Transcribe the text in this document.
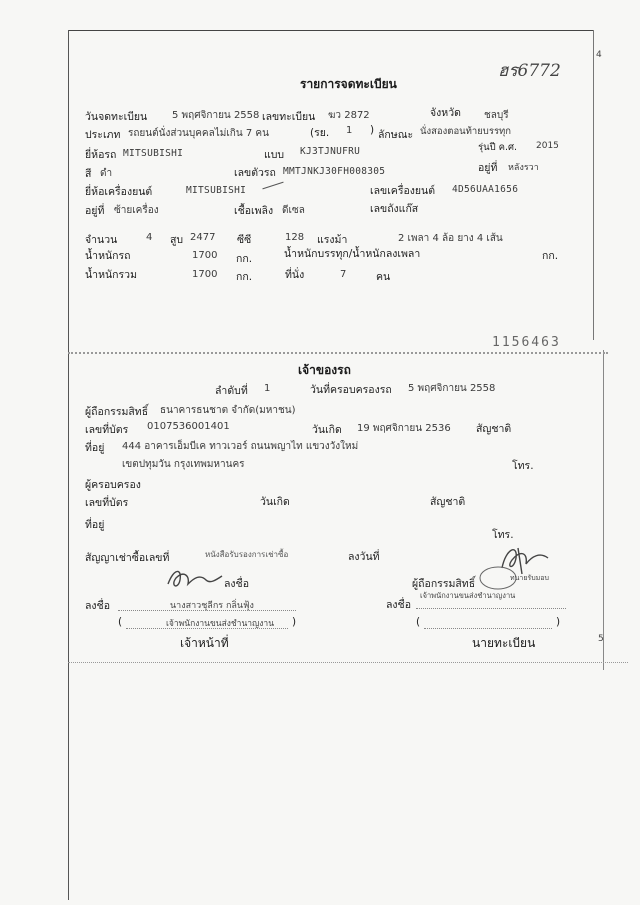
ฮร6772
4
รายการจดทะเบียน
วันจดทะเบียน 5 พฤศจิกายน 2558 เลขทะเบียน ฆว 2872	จังหวัด ชลบุรี
ประเภท รถยนต์นั่งส่วนบุคคลไม่เกิน 7 คน	(รย. 1 ) ลักษณะ นั่งสองตอนท้ายบรรทุก
ยี่ห้อรถ MITSUBISHI	แบบ KJ3TJNUFRU	รุ่นปี ค.ศ. 2015
สี ดำ	เลขตัวรถ MMTJNKJ30FH008305	อยู่ที่ หลังรวา
ยี่ห้อเครื่องยนต์	MITSUBISHI	เลขเครื่องยนต์ 4D56UAA1656
อยู่ที่ ซ้ายเครื่อง	เชื้อเพลิง ดีเซล	เลขถังแก๊ส
จำนวน	4 สูบ 2477 ซีซี	128 แรงม้า	2 เพลา 4 ล้อ ยาง 4 เส้น
น้ำหนักรถ	1700 กก.	น้ำหนักบรรทุก/น้ำหนักลงเพลา	กก.
น้ำหนักรวม	1700 กก.	ที่นั่ง	7	คน
1156463
เจ้าของรถ
ลำดับที่ 1	วันที่ครอบครองรถ 5 พฤศจิกายน 2558
ผู้ถือกรรมสิทธิ์ ธนาคารธนชาต จำกัด(มหาชน)
เลขที่บัตร 0107536001401	วันเกิด 19 พฤศจิกายน 2536 สัญชาติ
ที่อยู่ 444 อาคารเอ็มบีเค ทาวเวอร์ ถนนพญาไท แขวงวังใหม่
เขตปทุมวัน กรุงเทพมหานคร	โทร.
ผู้ครอบครอง
เลขที่บัตร	วันเกิด	สัญชาติ
ที่อยู่
โทร.
สัญญาเช่าซื้อเลขที่	หนังสือรับรองการเช่าซื้อ	ลงวันที่
ลงชื่อ	ผู้ถือกรรมสิทธิ์	ทนายรับมอบ
เจ้าพนักงานขนส่งชำนาญงาน
ลงชื่อ	นางสาวชุลีกร กลิ่นฟุ้ง	ลงชื่อ
(	เจ้าพนักงานขนส่งชำนาญงาน )	(	)
เจ้าหน้าที่	นายทะเบียน	5
